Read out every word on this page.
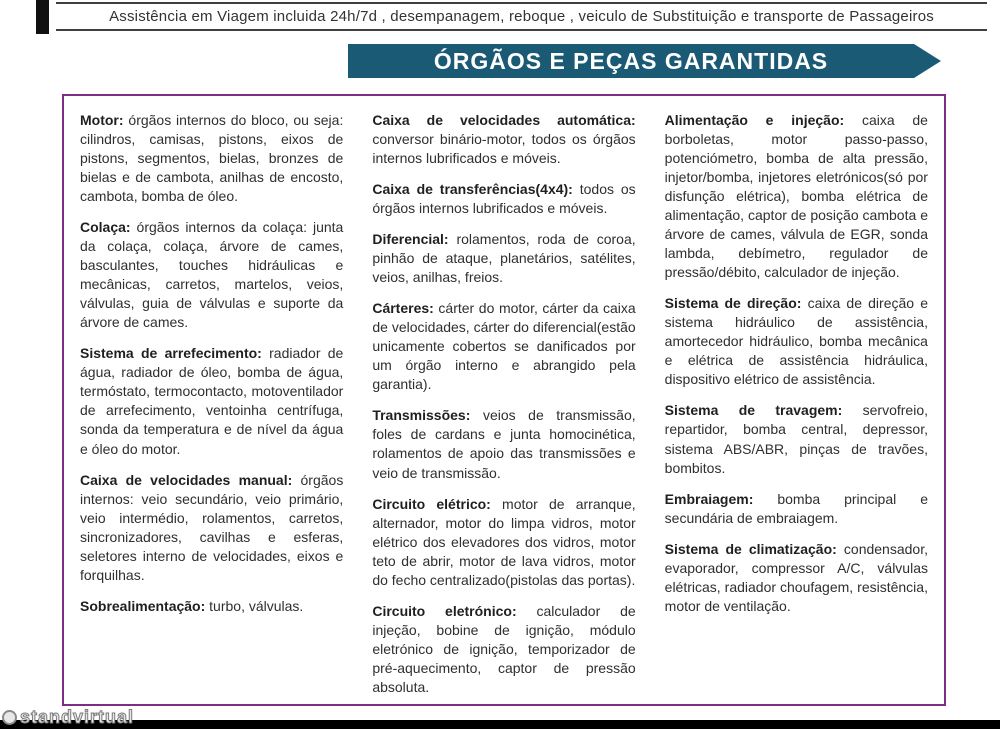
Assistência em Viagem incluida 24h/7d , desempanagem, reboque , veiculo de Substituição e transporte de Passageiros
ÓRGÃOS E PEÇAS GARANTIDAS

Motor: órgãos internos do bloco, ou seja: cilindros, camisas, pistons, eixos de pistons, segmentos, bielas, bronzes de bielas e de cambota, anilhas de encosto, cambota, bomba de óleo.

Colaça: órgãos internos da colaça: junta da colaça, colaça, árvore de cames, basculantes, touches hidráulicas e mecânicas, carretos, martelos, veios, válvulas, guia de válvulas e suporte da árvore de cames.

Sistema de arrefecimento: radiador de água, radiador de óleo, bomba de água, termóstato, termocontacto, motoventilador de arrefecimento, ventoinha centrífuga, sonda da temperatura e de nível da água e óleo do motor.

Caixa de velocidades manual: órgãos internos: veio secundário, veio primário, veio intermédio, rolamentos, carretos, sincronizadores, cavilhas e esferas, seletores interno de velocidades, eixos e forquilhas.

Sobrealimentação: turbo, válvulas.

Caixa de velocidades automática: conversor binário-motor, todos os órgãos internos lubrificados e móveis.

Caixa de transferências(4x4): todos os órgãos internos lubrificados e móveis.

Diferencial: rolamentos, roda de coroa, pinhão de ataque, planetários, satélites, veios, anilhas, freios.

Cárteres: cárter do motor, cárter da caixa de velocidades, cárter do diferencial(estão unicamente cobertos se danificados por um órgão interno e abrangido pela garantia).

Transmissões: veios de transmissão, foles de cardans e junta homocinética, rolamentos de apoio das transmissões e veio de transmissão.

Circuito elétrico: motor de arranque, alternador, motor do limpa vidros, motor elétrico dos elevadores dos vidros, motor teto de abrir, motor de lava vidros, motor do fecho centralizado(pistolas das portas).

Circuito eletrónico: calculador de injeção, bobine de ignição, módulo eletrónico de ignição, temporizador de pré-aquecimento, captor de pressão absoluta.

Alimentação e injeção: caixa de borboletas, motor passo-passo, potenciómetro, bomba de alta pressão, injetor/bomba, injetores eletrónicos(só por disfunção elétrica), bomba elétrica de alimentação, captor de posição cambota e árvore de cames, válvula de EGR, sonda lambda, debímetro, regulador de pressão/débito, calculador de injeção.

Sistema de direção: caixa de direção e sistema hidráulico de assistência, amortecedor hidráulico, bomba mecânica e elétrica de assistência hidráulica, dispositivo elétrico de assistência.

Sistema de travagem: servofreio, repartidor, bomba central, depressor, sistema ABS/ABR, pinças de travões, bombitos.

Embraiagem: bomba principal e secundária de embraiagem.

Sistema de climatização: condensador, evaporador, compressor A/C, válvulas elétricas, radiador choufagem, resistência, motor de ventilação.

standvirtual
